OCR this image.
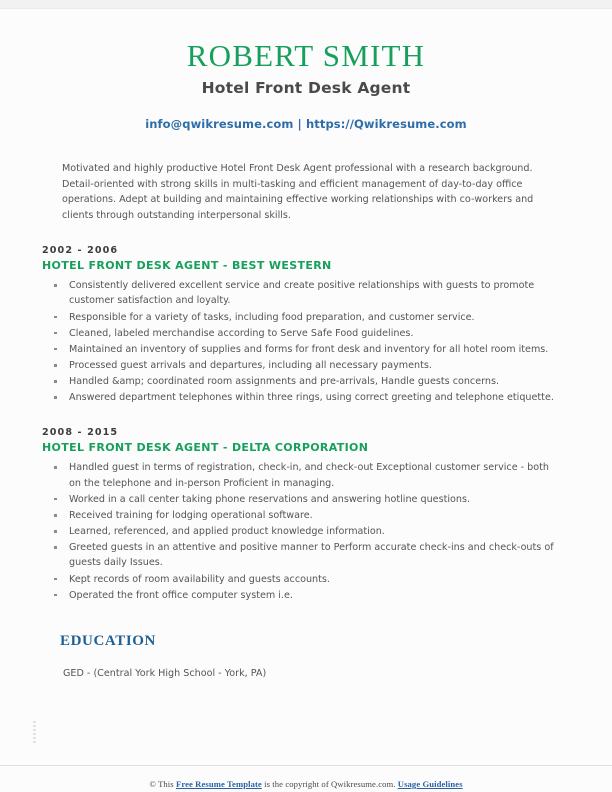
ROBERT SMITH
Hotel Front Desk Agent
info@qwikresume.com | https://Qwikresume.com
Motivated and highly productive Hotel Front Desk Agent professional with a research background. Detail-oriented with strong skills in multi-tasking and efficient management of day-to-day office operations. Adept at building and maintaining effective working relationships with co-workers and clients through outstanding interpersonal skills.
2002 - 2006
HOTEL FRONT DESK AGENT - BEST WESTERN
Consistently delivered excellent service and create positive relationships with guests to promote customer satisfaction and loyalty.
Responsible for a variety of tasks, including food preparation, and customer service.
Cleaned, labeled merchandise according to Serve Safe Food guidelines.
Maintained an inventory of supplies and forms for front desk and inventory for all hotel room items.
Processed guest arrivals and departures, including all necessary payments.
Handled &amp; coordinated room assignments and pre-arrivals, Handle guests concerns.
Answered department telephones within three rings, using correct greeting and telephone etiquette.
2008 - 2015
HOTEL FRONT DESK AGENT - DELTA CORPORATION
Handled guest in terms of registration, check-in, and check-out Exceptional customer service - both on the telephone and in-person Proficient in managing.
Worked in a call center taking phone reservations and answering hotline questions.
Received training for lodging operational software.
Learned, referenced, and applied product knowledge information.
Greeted guests in an attentive and positive manner to Perform accurate check-ins and check-outs of guests daily Issues.
Kept records of room availability and guests accounts.
Operated the front office computer system i.e.
EDUCATION
GED - (Central York High School - York, PA)
© This Free Resume Template is the copyright of Qwikresume.com. Usage Guidelines
